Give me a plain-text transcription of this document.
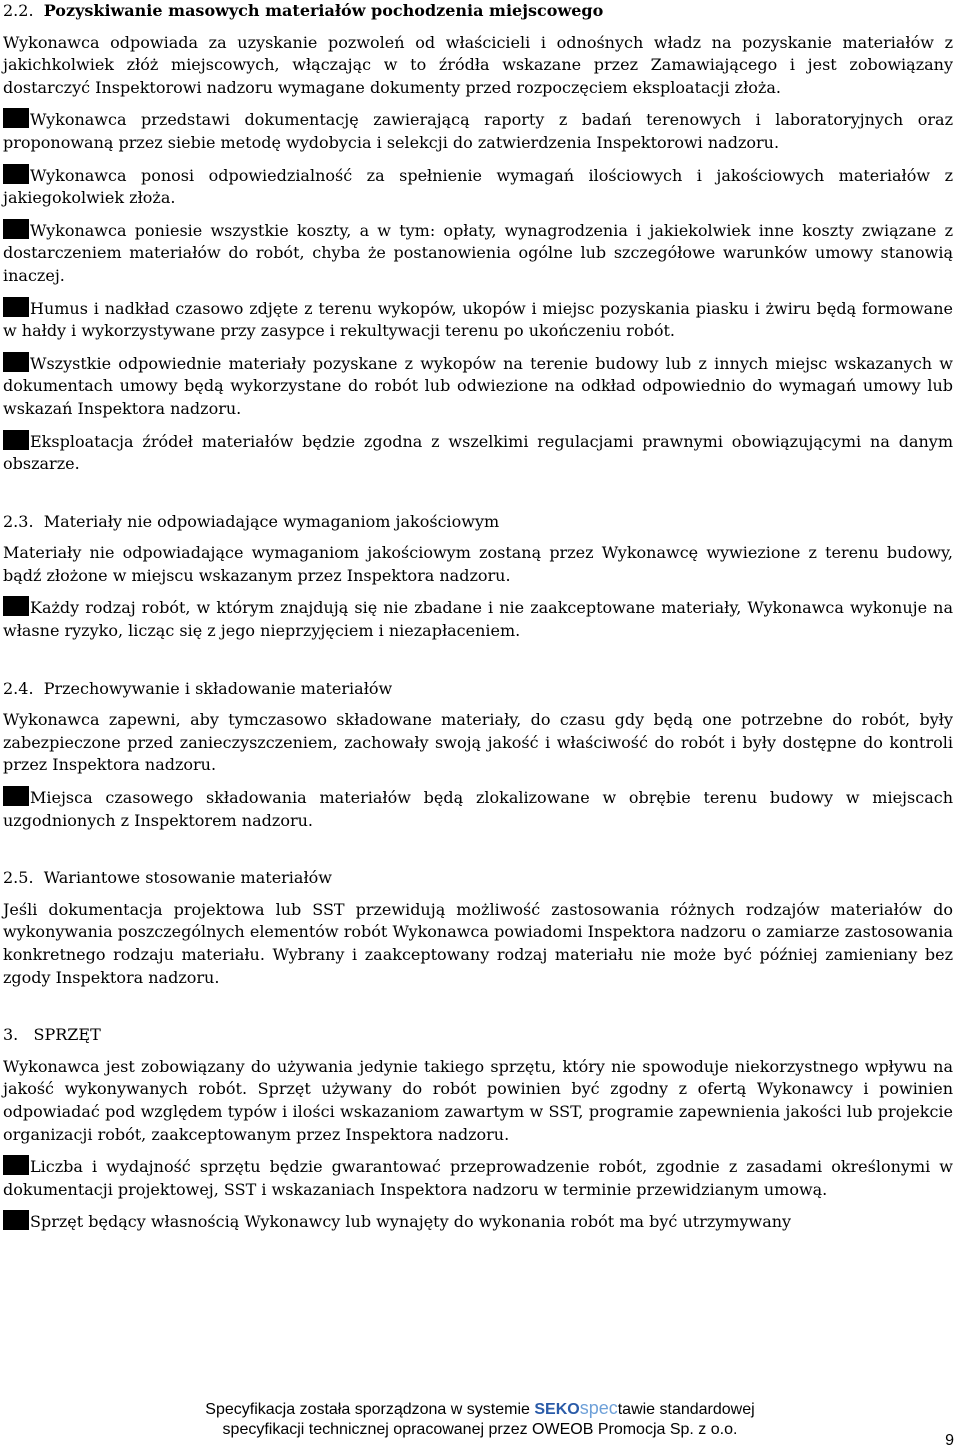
2.2. Pozyskiwanie masowych materiałów pochodzenia miejscowego

Wykonawca odpowiada za uzyskanie pozwoleń od właścicieli i odnośnych władz na pozyskanie materiałów z jakichkolwiek złóż miejscowych, włączając w to źródła wskazane przez Zamawiającego i jest zobowiązany dostarczyć Inspektorowi nadzoru wymagane dokumenty przed rozpoczęciem eksploatacji złoża.

Wykonawca przedstawi dokumentację zawierającą raporty z badań terenowych i laboratoryjnych oraz proponowaną przez siebie metodę wydobycia i selekcji do zatwierdzenia Inspektorowi nadzoru.

Wykonawca ponosi odpowiedzialność za spełnienie wymagań ilościowych i jakościowych materiałów z jakiegokolwiek złoża.

Wykonawca poniesie wszystkie koszty, a w tym: opłaty, wynagrodzenia i jakiekolwiek inne koszty związane z dostarczeniem materiałów do robót, chyba że postanowienia ogólne lub szczegółowe warunków umowy stanowią inaczej.

Humus i nadkład czasowo zdjęte z terenu wykopów, ukopów i miejsc pozyskania piasku i żwiru będą formowane w hałdy i wykorzystywane przy zasypce i rekultywacji terenu po ukończeniu robót.

Wszystkie odpowiednie materiały pozyskane z wykopów na terenie budowy lub z innych miejsc wskazanych w dokumentach umowy będą wykorzystane do robót lub odwiezione na odkład odpowiednio do wymagań umowy lub wskazań Inspektora nadzoru.

Eksploatacja źródeł materiałów będzie zgodna z wszelkimi regulacjami prawnymi obowiązującymi na danym obszarze.

2.3. Materiały nie odpowiadające wymaganiom jakościowym

Materiały nie odpowiadające wymaganiom jakościowym zostaną przez Wykonawcę wywiezione z terenu budowy, bądź złożone w miejscu wskazanym przez Inspektora nadzoru.

Każdy rodzaj robót, w którym znajdują się nie zbadane i nie zaakceptowane materiały, Wykonawca wykonuje na własne ryzyko, licząc się z jego nieprzyjęciem i niezapłaceniem.

2.4. Przechowywanie i składowanie materiałów

Wykonawca zapewni, aby tymczasowo składowane materiały, do czasu gdy będą one potrzebne do robót, były zabezpieczone przed zanieczyszczeniem, zachowały swoją jakość i właściwość do robót i były dostępne do kontroli przez Inspektora nadzoru.

Miejsca czasowego składowania materiałów będą zlokalizowane w obrębie terenu budowy w miejscach uzgodnionych z Inspektorem nadzoru.

2.5. Wariantowe stosowanie materiałów

Jeśli dokumentacja projektowa lub SST przewidują możliwość zastosowania różnych rodzajów materiałów do wykonywania poszczególnych elementów robót Wykonawca powiadomi Inspektora nadzoru o zamiarze zastosowania konkretnego rodzaju materiału. Wybrany i zaakceptowany rodzaj materiału nie może być później zamieniany bez zgody Inspektora nadzoru.

3. SPRZĘT

Wykonawca jest zobowiązany do używania jedynie takiego sprzętu, który nie spowoduje niekorzystnego wpływu na jakość wykonywanych robót. Sprzęt używany do robót powinien być zgodny z ofertą Wykonawcy i powinien odpowiadać pod względem typów i ilości wskazaniom zawartym w SST, programie zapewnienia jakości lub projekcie organizacji robót, zaakceptowanym przez Inspektora nadzoru.

Liczba i wydajność sprzętu będzie gwarantować przeprowadzenie robót, zgodnie z zasadami określonymi w dokumentacji projektowej, SST i wskazaniach Inspektora nadzoru w terminie przewidzianym umową.

Sprzęt będący własnością Wykonawcy lub wynajęty do wykonania robót ma być utrzymywany

Specyfikacja została sporządzona w systemie SEKOspectawie standardowej
specyfikacji technicznej opracowanej przez OWEOB Promocja Sp. z o.o.
9
